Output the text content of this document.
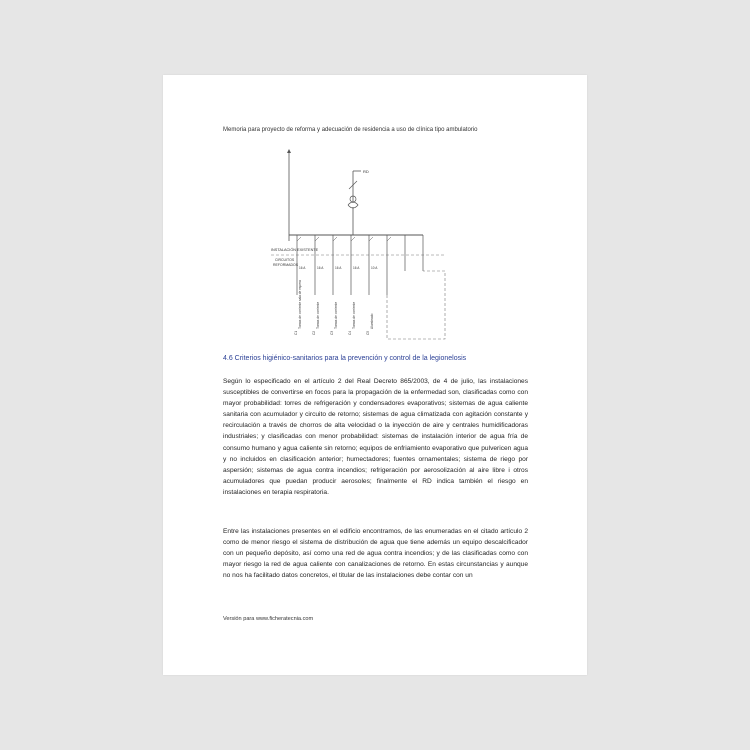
Memoria para proyecto de reforma y adecuación de residencia a uso de clínica tipo ambulatorio
RD
INSTALACIÓN EXISTENTE
CIRCUITOS
REFORMADOS
16 A	16 A	16 A	16 A	10 A
Tomas de corriente sala de espera	Tomas de corriente	Tomas de corriente	Tomas de corriente	Alumbrado
C1	C2	C3	C4	C5
4.6 Criterios higiénico-sanitarios para la prevención y control de la legionelosis

Según lo especificado en el artículo 2 del Real Decreto 865/2003, de 4 de julio, las instalaciones susceptibles de convertirse en focos para la propagación de la enfermedad son, clasificadas como con mayor probabilidad: torres de refrigeración y condensadores evaporativos; sistemas de agua caliente sanitaria con acumulador y circuito de retorno; sistemas de agua climatizada con agitación constante y recirculación a través de chorros de alta velocidad o la inyección de aire y centrales humidificadoras industriales; y clasificadas con menor probabilidad: sistemas de instalación interior de agua fría de consumo humano y agua caliente sin retorno; equipos de enfriamiento evaporativo que pulvericen agua y no incluidos en clasificación anterior; humectadores; fuentes ornamentales; sistema de riego por aspersión; sistemas de agua contra incendios; refrigeración por aerosolización al aire libre i otros acumuladores que puedan producir aerosoles; finalmente el RD indica también el riesgo en instalaciones en terapia respiratoria.

Entre las instalaciones presentes en el edificio encontramos, de las enumeradas en el citado artículo 2 como de menor riesgo el sistema de distribución de agua que tiene además un equipo descalcificador con un pequeño depósito, así como una red de agua contra incendios; y de las clasificadas como con mayor riesgo la red de agua caliente con canalizaciones de retorno. En estas circunstancias y aunque no nos ha facilitado datos concretos, el titular de las instalaciones debe contar con un

Versión para www.ficheratecnia.com
